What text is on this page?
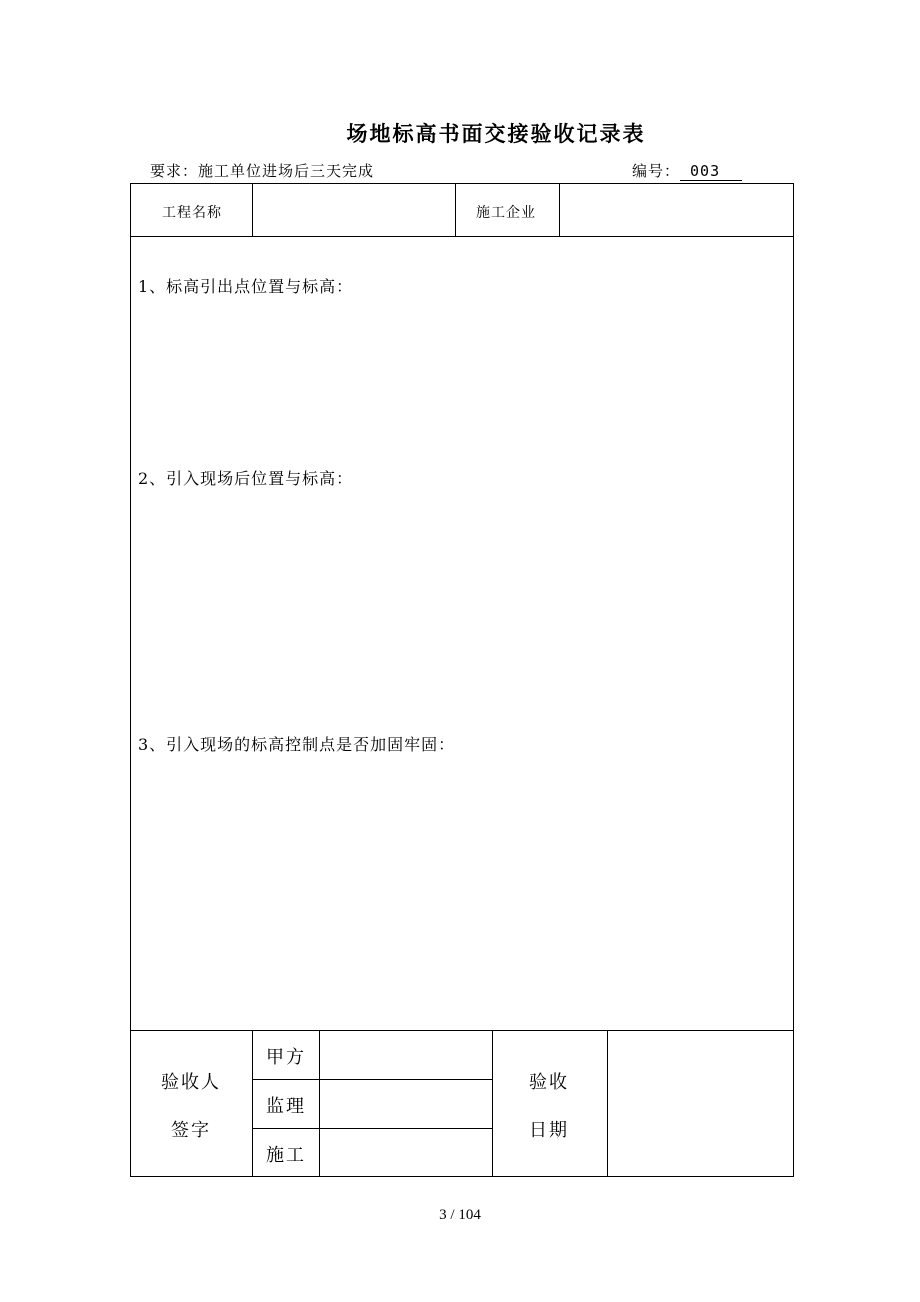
场地标高书面交接验收记录表
要求：施工单位进场后三天完成	编号： 003
工程名称	施工企业
1、标高引出点位置与标高：
2、引入现场后位置与标高：
3、引入现场的标高控制点是否加固牢固：
验收人
签字
甲方
监理
施工
验收
日期
3 / 104
